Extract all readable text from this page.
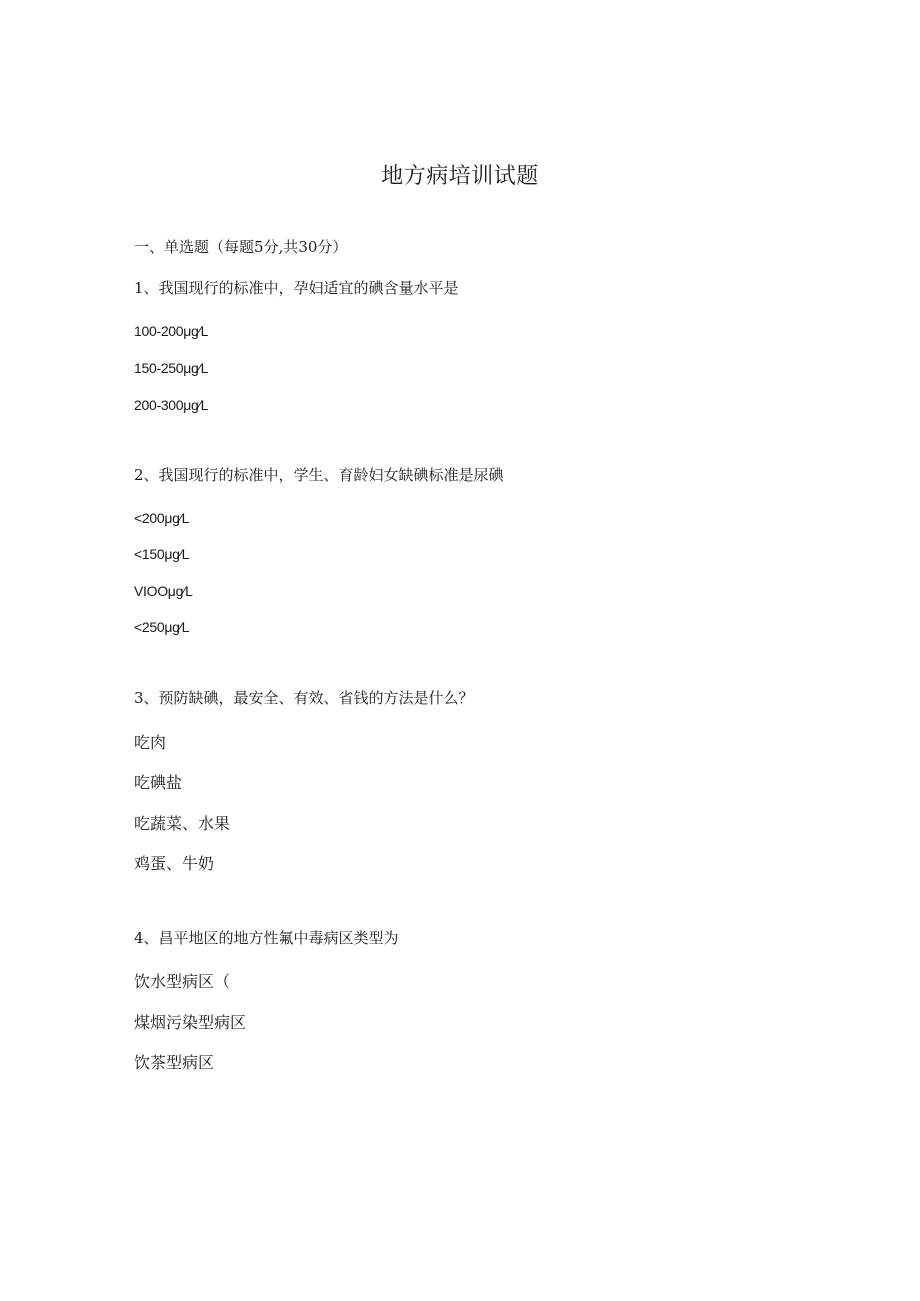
地方病培训试题
一、单选题（每题5分,共30分）
1、我国现行的标准中，孕妇适宜的碘含量水平是
100-200μg∕L
150-250μg∕L
200-300μg∕L
2、我国现行的标准中，学生、育龄妇女缺碘标准是尿碘
<200μg∕L
<150μg∕L
VIOOμg∕L
<250μg∕L
3、预防缺碘，最安全、有效、省钱的方法是什么？
吃肉
吃碘盐
吃蔬菜、水果
鸡蛋、牛奶
4、昌平地区的地方性氟中毒病区类型为
饮水型病区（
煤烟污染型病区
饮茶型病区
